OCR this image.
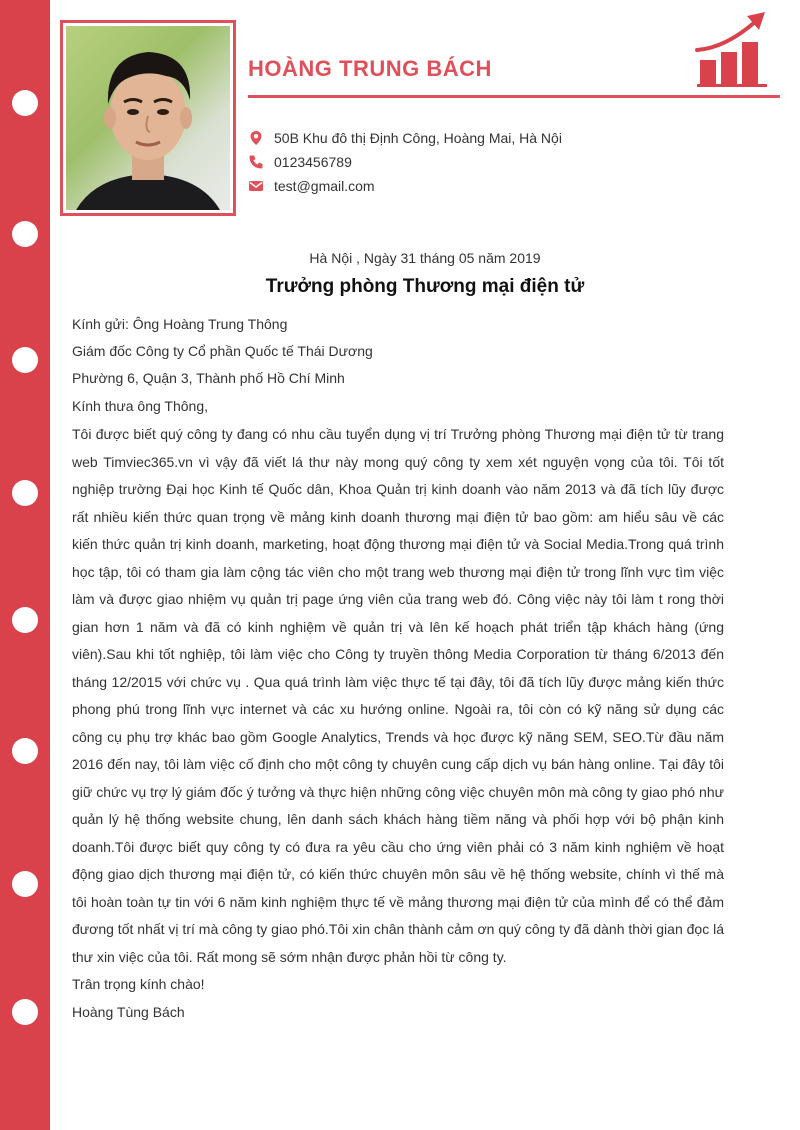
HOÀNG TRUNG BÁCH
50B Khu đô thị Định Công, Hoàng Mai, Hà Nội
0123456789
test@gmail.com
Hà Nội , Ngày 31 tháng 05 năm 2019
Trưởng phòng Thương mại điện tử

Kính gửi: Ông Hoàng Trung Thông

Giám đốc Công ty Cổ phần Quốc tế Thái Dương

Phường 6, Quận 3, Thành phố Hồ Chí Minh

Kính thưa ông Thông,

Tôi được biết quý công ty đang có nhu cầu tuyển dụng vị trí Trưởng phòng Thương mại điện tử từ trang web Timviec365.vn vì vậy đã viết lá thư này mong quý công ty xem xét nguyện vọng của tôi. Tôi tốt nghiệp trường Đại học Kinh tế Quốc dân, Khoa Quản trị kinh doanh vào năm 2013 và đã tích lũy được rất nhiều kiến thức quan trọng về mảng kinh doanh thương mại điện tử bao gồm: am hiểu sâu về các kiến thức quản trị kinh doanh, marketing, hoạt động thương mại điện tử và Social Media.Trong quá trình học tập, tôi có tham gia làm cộng tác viên cho một trang web thương mại điện tử trong lĩnh vực tìm việc làm và được giao nhiệm vụ quản trị page ứng viên của trang web đó. Công việc này tôi làm t rong thời gian hơn 1 năm và đã có kinh nghiệm về quản trị và lên kế hoạch phát triển tập khách hàng (ứng viên).Sau khi tốt nghiệp, tôi làm việc cho Công ty truyền thông Media Corporation từ tháng 6/2013 đến tháng 12/2015 với chức vụ . Qua quá trình làm việc thực tế tại đây, tôi đã tích lũy được mảng kiến thức phong phú trong lĩnh vực internet và các xu hướng online. Ngoài ra, tôi còn có kỹ năng sử dụng các công cụ phụ trợ khác bao gồm Google Analytics, Trends và học được kỹ năng SEM, SEO.Từ đầu năm 2016 đến nay, tôi làm việc cố định cho một công ty chuyên cung cấp dịch vụ bán hàng online. Tại đây tôi giữ chức vụ trợ lý giám đốc ý tưởng và thực hiện những công việc chuyên môn mà công ty giao phó như quản lý hệ thống website chung, lên danh sách khách hàng tiềm năng và phối hợp với bộ phận kinh doanh.Tôi được biết quy công ty có đưa ra yêu cầu cho ứng viên phải có 3 năm kinh nghiệm về hoạt động giao dịch thương mại điện tử, có kiến thức chuyên môn sâu về hệ thống website, chính vì thế mà tôi hoàn toàn tự tin với 6 năm kinh nghiệm thực tế về mảng thương mại điện tử của mình để có thể đảm đương tốt nhất vị trí mà công ty giao phó.Tôi xin chân thành cảm ơn quý công ty đã dành thời gian đọc lá thư xin việc của tôi. Rất mong sẽ sớm nhận được phản hồi từ công ty.

Trân trọng kính chào!

Hoàng Tùng Bách
